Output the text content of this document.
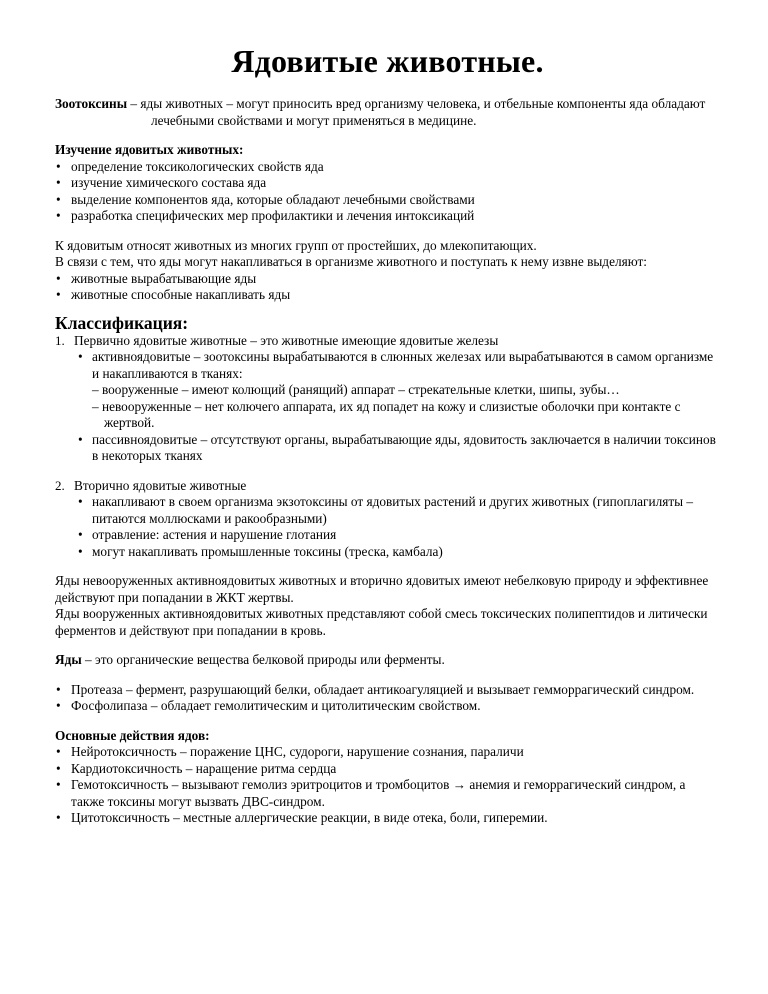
Ядовитые животные.

Зоотоксины – яды животных – могут приносить вред организму человека, и отбельные компоненты яда обладают лечебными свойствами и могут применяться в медицине.

Изучение ядовитых животных:

• определение токсикологических свойств яда
• изучение химического состава яда
• выделение компонентов яда, которые обладают лечебными свойствами
• разработка специфических мер профилактики и лечения интоксикаций

К ядовитым относят животных из многих групп от простейших, до млекопитающих.

В связи с тем, что яды могут накапливаться в организме животного и поступать к нему извне выделяют:

• животные вырабатывающие яды
• животные способные накапливать яды
Классификация:
1. Первично ядовитые животные – это животные имеющие ядовитые железы
• активноядовитые – зоотоксины вырабатываются в слюнных железах или вырабатываются в самом организме и накапливаются в тканях:
– вооруженные – имеют колющий (ранящий) аппарат – стрекательные клетки, шипы, зубы…
– невооруженные – нет колючего аппарата, их яд попадет на кожу и слизистые оболочки при контакте с жертвой.
• пассивноядовитые – отсутствуют органы, вырабатывающие яды, ядовитость заключается в наличии токсинов в некоторых тканях
2. Вторично ядовитые животные
• накапливают в своем организма экзотоксины от ядовитых растений и других животных (гипоплагиляты – питаются моллюсками и ракообразными)
• отравление: астения и нарушение глотания
• могут накапливать промышленные токсины (треска, камбала)

Яды невооруженных активноядовитых животных и вторично ядовитых имеют небелковую природу и эффективнее действуют при попадании в ЖКТ жертвы.

Яды вооруженных активноядовитых животных представляют собой смесь токсических полипептидов и литически ферментов и действуют при попадании в кровь.

Яды – это органические вещества белковой природы или ферменты.

• Протеаза – фермент, разрушающий белки, обладает антикоагуляцией и вызывает гемморрагический синдром.
• Фосфолипаза – обладает гемолитическим и цитолитическим свойством.

Основные действия ядов:

• Нейротоксичность – поражение ЦНС, судороги, нарушение сознания, параличи
• Кардиотоксичность – наращение ритма сердца
• Гемотоксичность – вызывают гемолиз эритроцитов и тромбоцитов → анемия и геморрагический синдром, а также токсины могут вызвать ДВС-синдром.
• Цитотоксичность – местные аллергические реакции, в виде отека, боли, гиперемии.
